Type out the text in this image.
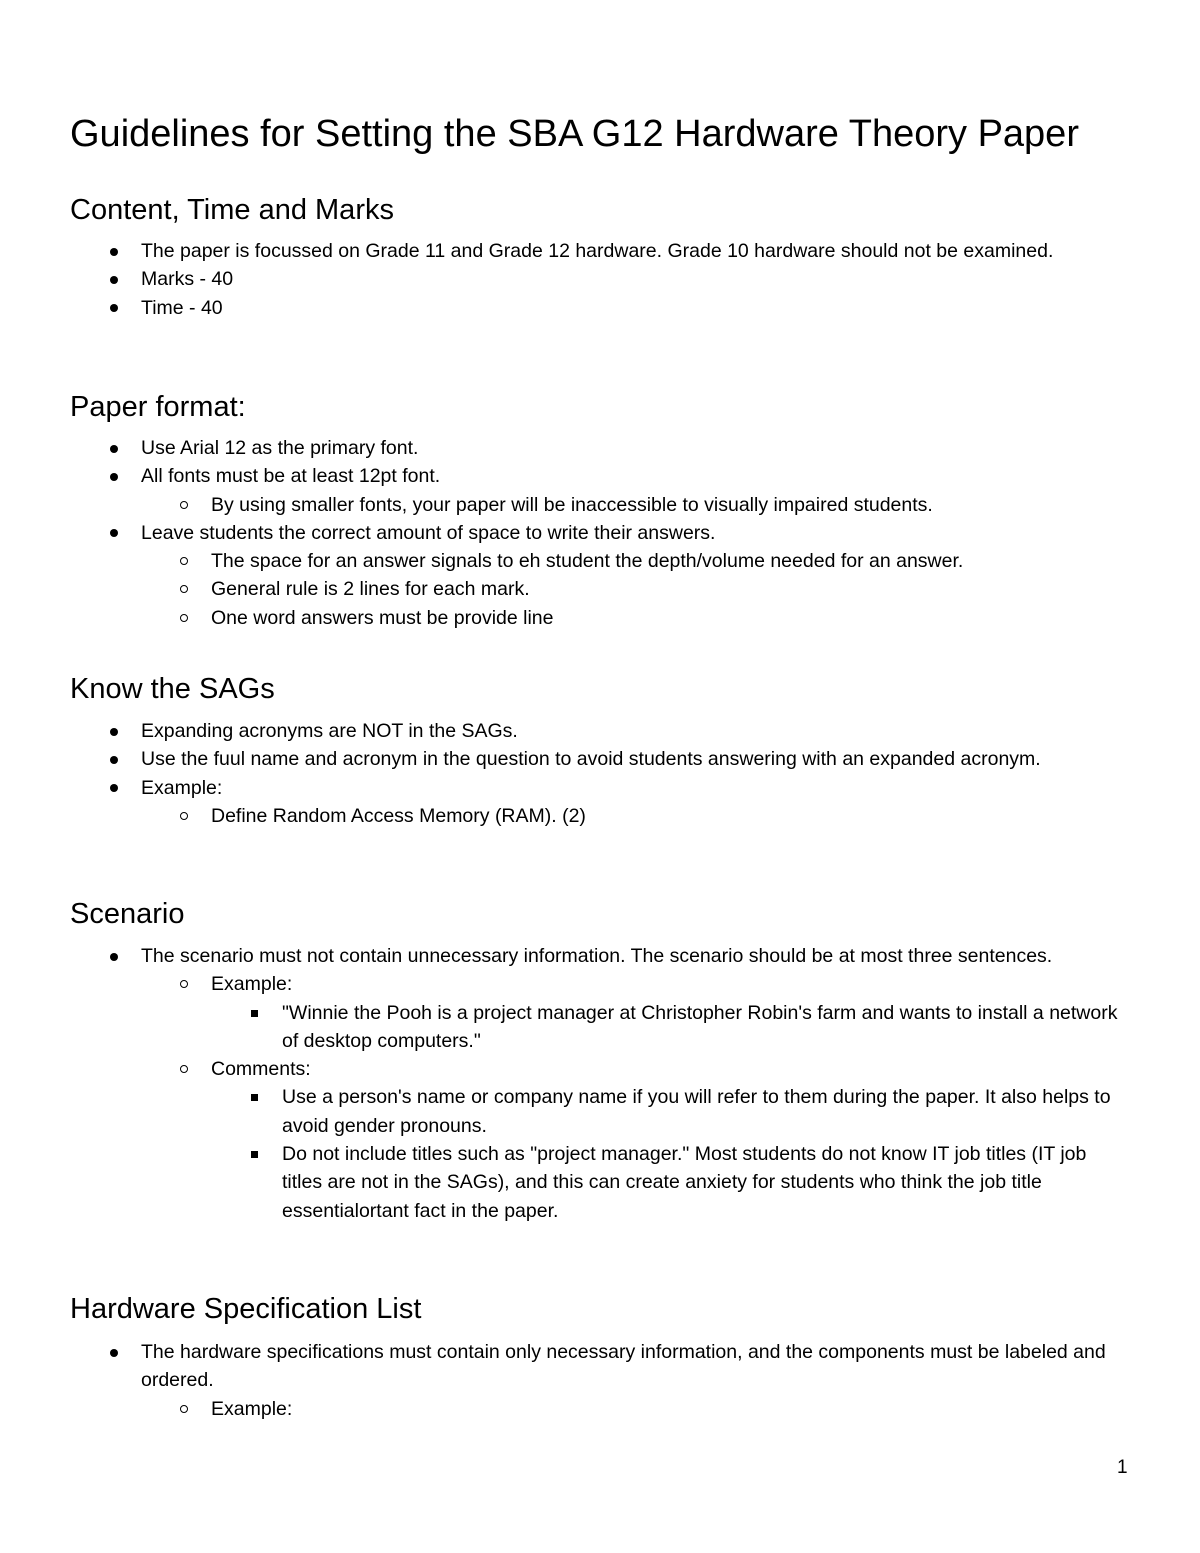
Guidelines for Setting the SBA G12 Hardware Theory Paper
Content, Time and Marks
The paper is focussed on Grade 11 and Grade 12 hardware. Grade 10 hardware should not be examined.
Marks - 40
Time - 40
Paper format:
Use Arial 12 as the primary font.
All fonts must be at least 12pt font.
By using smaller fonts, your paper will be inaccessible to visually impaired students.
Leave students the correct amount of space to write their answers.
The space for an answer signals to eh student the depth/volume needed for an answer.
General rule is 2 lines for each mark.
One word answers must be provide line
Know the SAGs
Expanding acronyms are NOT in the SAGs.
Use the fuul name and acronym in the question to avoid students answering with an expanded acronym.
Example:
Define Random Access Memory (RAM). (2)
Scenario
The scenario must not contain unnecessary information. The scenario should be at most three sentences.
Example:
"Winnie the Pooh is a project manager at Christopher Robin's farm and wants to install a network of desktop computers."
Comments:
Use a person's name or company name if you will refer to them during the paper. It also helps to avoid gender pronouns.
Do not include titles such as "project manager." Most students do not know IT job titles (IT job titles are not in the SAGs), and this can create anxiety for students who think the job title essentialortant fact in the paper.
Hardware Specification List
The hardware specifications must contain only necessary information, and the components must be labeled and ordered.
Example:
1
